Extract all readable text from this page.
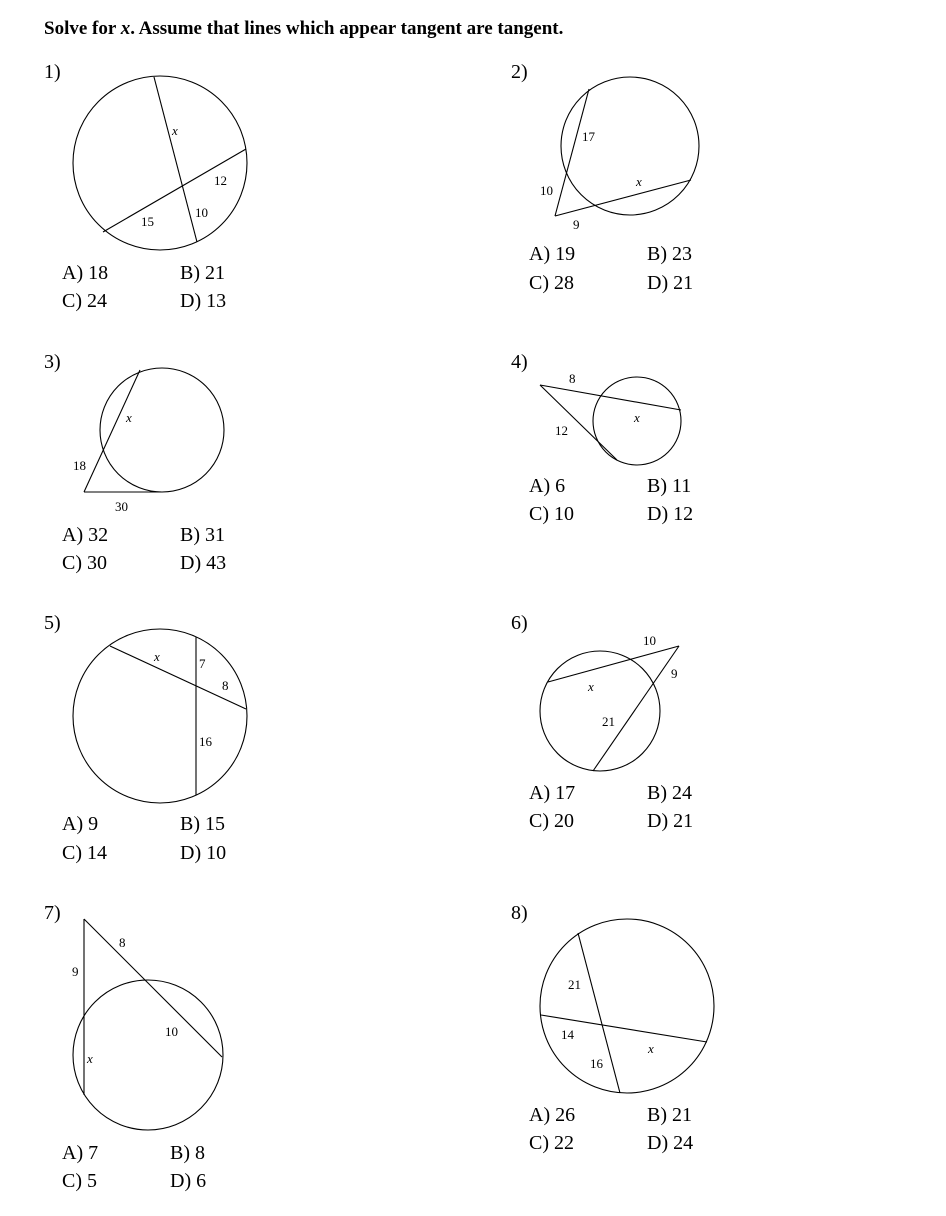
Solve for x. Assume that lines which appear tangent are tangent.
x
12
10
15
17
10
x
9
x
18
30
8
x
12
x	7
8
16
10
9
x
21
8
9
10
x
21
14
x
16
1)	2)
3)	4)
5)	6)
7)	8)
A) 18	B) 21
C) 24	D) 13
A) 19	B) 23
C) 28	D) 21
A) 32	B) 31
C) 30	D) 43
A) 6	B) 11
C) 10	D) 12
A) 9	B) 15
C) 14	D) 10
A) 17	B) 24
C) 20	D) 21
A) 7	B) 8
C) 5	D) 6
A) 26	B) 21
C) 22	D) 24
